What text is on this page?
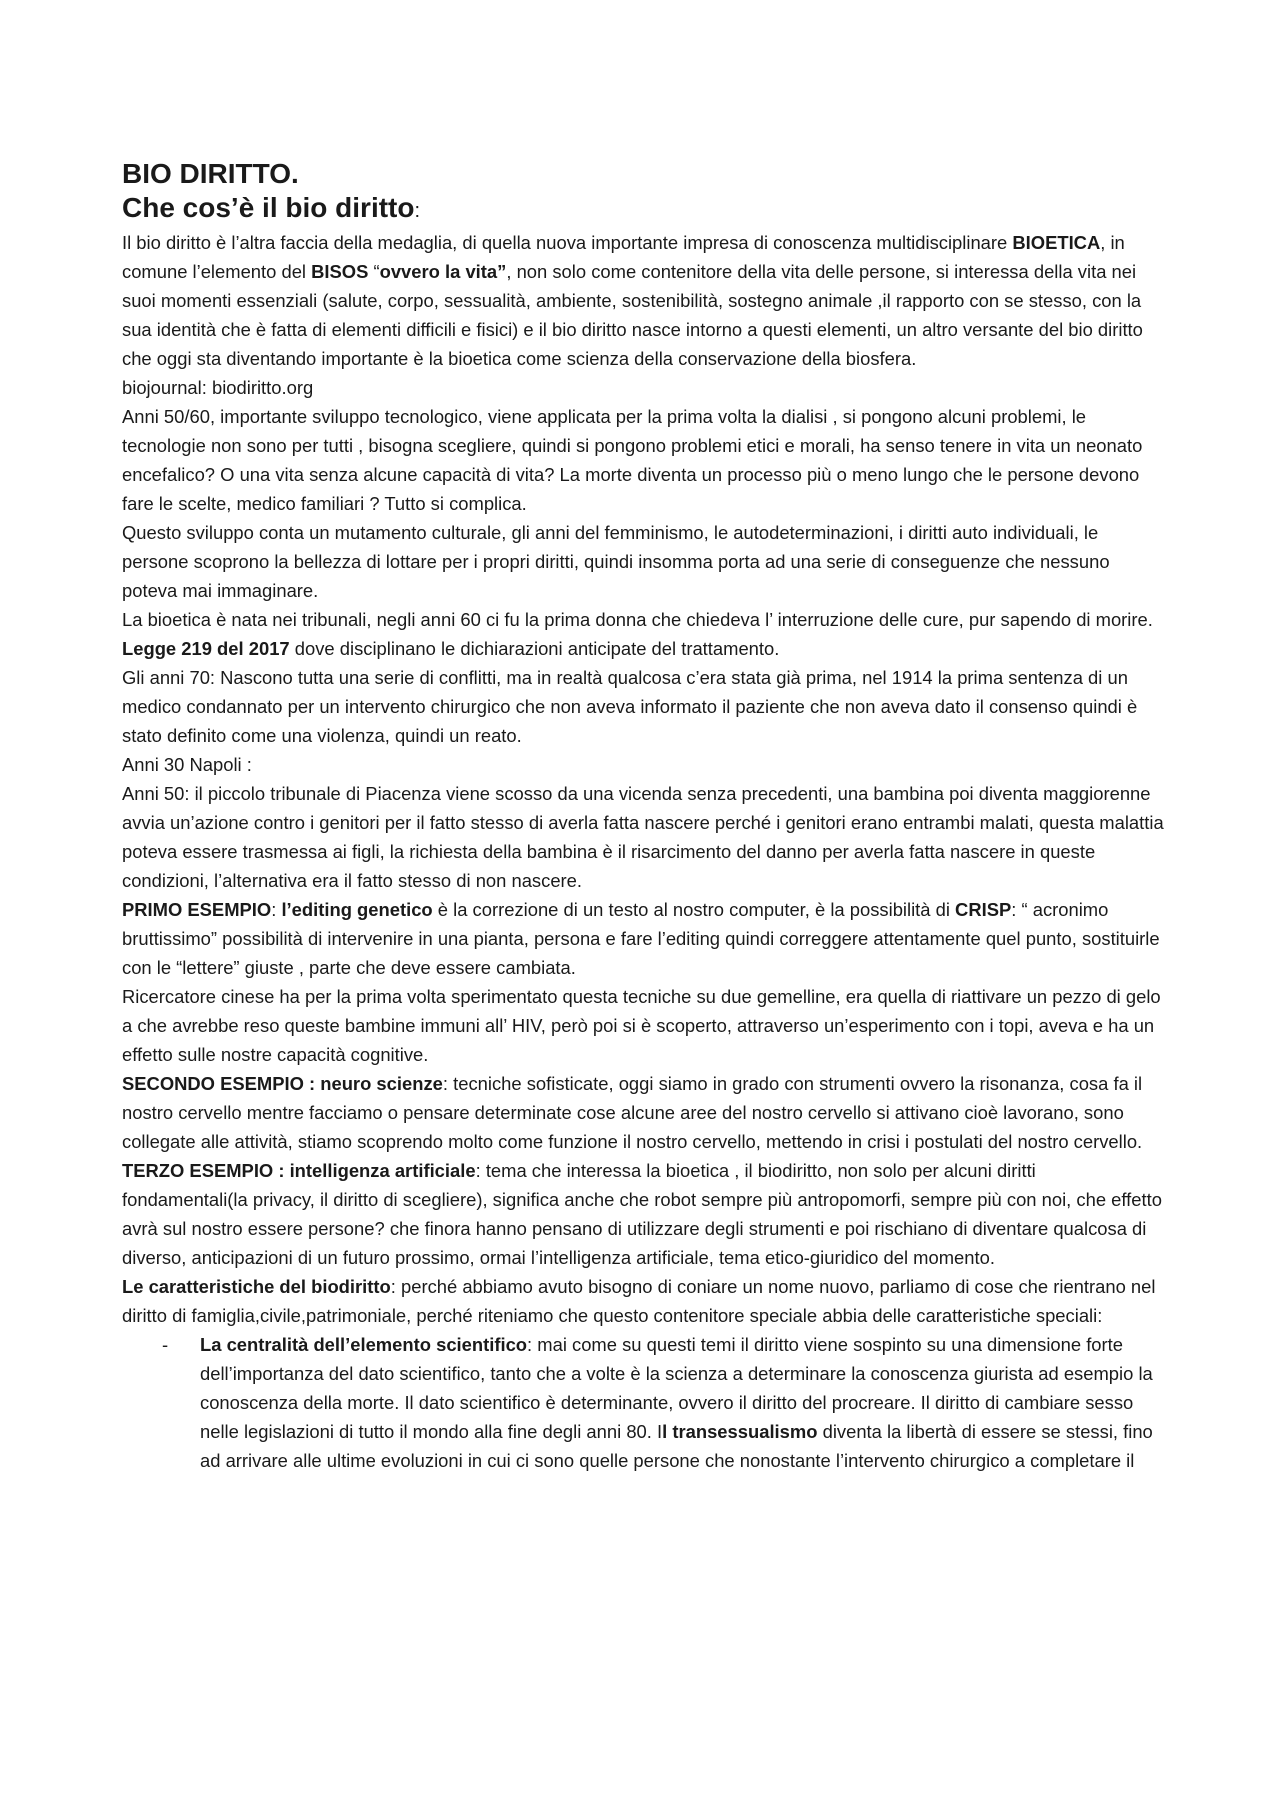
BIO DIRITTO.
Che cos’è il bio diritto:

Il bio diritto è l’altra faccia della medaglia, di quella nuova importante impresa di conoscenza multidisciplinare BIOETICA, in comune l’elemento del BISOS “ovvero la vita”, non solo come contenitore della vita delle persone, si interessa della vita nei suoi momenti essenziali (salute, corpo, sessualità, ambiente, sostenibilità, sostegno animale ,il rapporto con se stesso, con la sua identità che è fatta di elementi difficili e fisici) e il bio diritto nasce intorno a questi elementi, un altro versante del bio diritto che oggi sta diventando importante è la bioetica come scienza della conservazione della biosfera.

biojournal: biodiritto.org

Anni 50/60, importante sviluppo tecnologico, viene applicata per la prima volta la dialisi , si pongono alcuni problemi, le tecnologie non sono per tutti , bisogna scegliere, quindi si pongono problemi etici e morali, ha senso tenere in vita un neonato encefalico? O una vita senza alcune capacità di vita? La morte diventa un processo più o meno lungo che le persone devono fare le scelte, medico familiari ? Tutto si complica.

Questo sviluppo conta un mutamento culturale, gli anni del femminismo, le autodeterminazioni, i diritti auto individuali, le persone scoprono la bellezza di lottare per i propri diritti, quindi insomma porta ad una serie di conseguenze che nessuno poteva mai immaginare.

La bioetica è nata nei tribunali, negli anni 60 ci fu la prima donna che chiedeva l’ interruzione delle cure, pur sapendo di morire.

Legge 219 del 2017 dove disciplinano le dichiarazioni anticipate del trattamento.

Gli anni 70: Nascono tutta una serie di conflitti, ma in realtà qualcosa c’era stata già prima, nel 1914 la prima sentenza di un medico condannato per un intervento chirurgico che non aveva informato il paziente che non aveva dato il consenso quindi è stato definito come una violenza, quindi un reato.

Anni 30 Napoli :

Anni 50: il piccolo tribunale di Piacenza viene scosso da una vicenda senza precedenti, una bambina poi diventa maggiorenne avvia un’azione contro i genitori per il fatto stesso di averla fatta nascere perché i genitori erano entrambi malati, questa malattia poteva essere trasmessa ai figli, la richiesta della bambina è il risarcimento del danno per averla fatta nascere in queste condizioni, l’alternativa era il fatto stesso di non nascere.

PRIMO ESEMPIO: l’editing genetico è la correzione di un testo al nostro computer, è la possibilità di CRISP: “ acronimo bruttissimo” possibilità di intervenire in una pianta, persona e fare l’editing quindi correggere attentamente quel punto, sostituirle con le “lettere” giuste , parte che deve essere cambiata.

Ricercatore cinese ha per la prima volta sperimentato questa tecniche su due gemelline, era quella di riattivare un pezzo di gelo a che avrebbe reso queste bambine immuni all’ HIV, però poi si è scoperto, attraverso un’esperimento con i topi, aveva e ha un effetto sulle nostre capacità cognitive.

SECONDO ESEMPIO : neuro scienze: tecniche sofisticate, oggi siamo in grado con strumenti ovvero la risonanza, cosa fa il nostro cervello mentre facciamo o pensare determinate cose alcune aree del nostro cervello si attivano cioè lavorano, sono collegate alle attività, stiamo scoprendo molto come funzione il nostro cervello, mettendo in crisi i postulati del nostro cervello.

TERZO ESEMPIO : intelligenza artificiale: tema che interessa la bioetica , il biodiritto, non solo per alcuni diritti fondamentali(la privacy, il diritto di scegliere), significa anche che robot sempre più antropomorfi, sempre più con noi, che effetto avrà sul nostro essere persone? che finora hanno pensano di utilizzare degli strumenti e poi rischiano di diventare qualcosa di diverso, anticipazioni di un futuro prossimo, ormai l’intelligenza artificiale, tema etico-giuridico del momento.

Le caratteristiche del biodiritto: perché abbiamo avuto bisogno di coniare un nome nuovo, parliamo di cose che rientrano nel diritto di famiglia,civile,patrimoniale, perché riteniamo che questo contenitore speciale abbia delle caratteristiche speciali:

- La centralità dell’elemento scientifico: mai come su questi temi il diritto viene sospinto su una dimensione forte dell’importanza del dato scientifico, tanto che a volte è la scienza a determinare la conoscenza giurista ad esempio la conoscenza della morte. Il dato scientifico è determinante, ovvero il diritto del procreare. Il diritto di cambiare sesso nelle legislazioni di tutto il mondo alla fine degli anni 80. Il transessualismo diventa la libertà di essere se stessi, fino ad arrivare alle ultime evoluzioni in cui ci sono quelle persone che nonostante l’intervento chirurgico a completare il
